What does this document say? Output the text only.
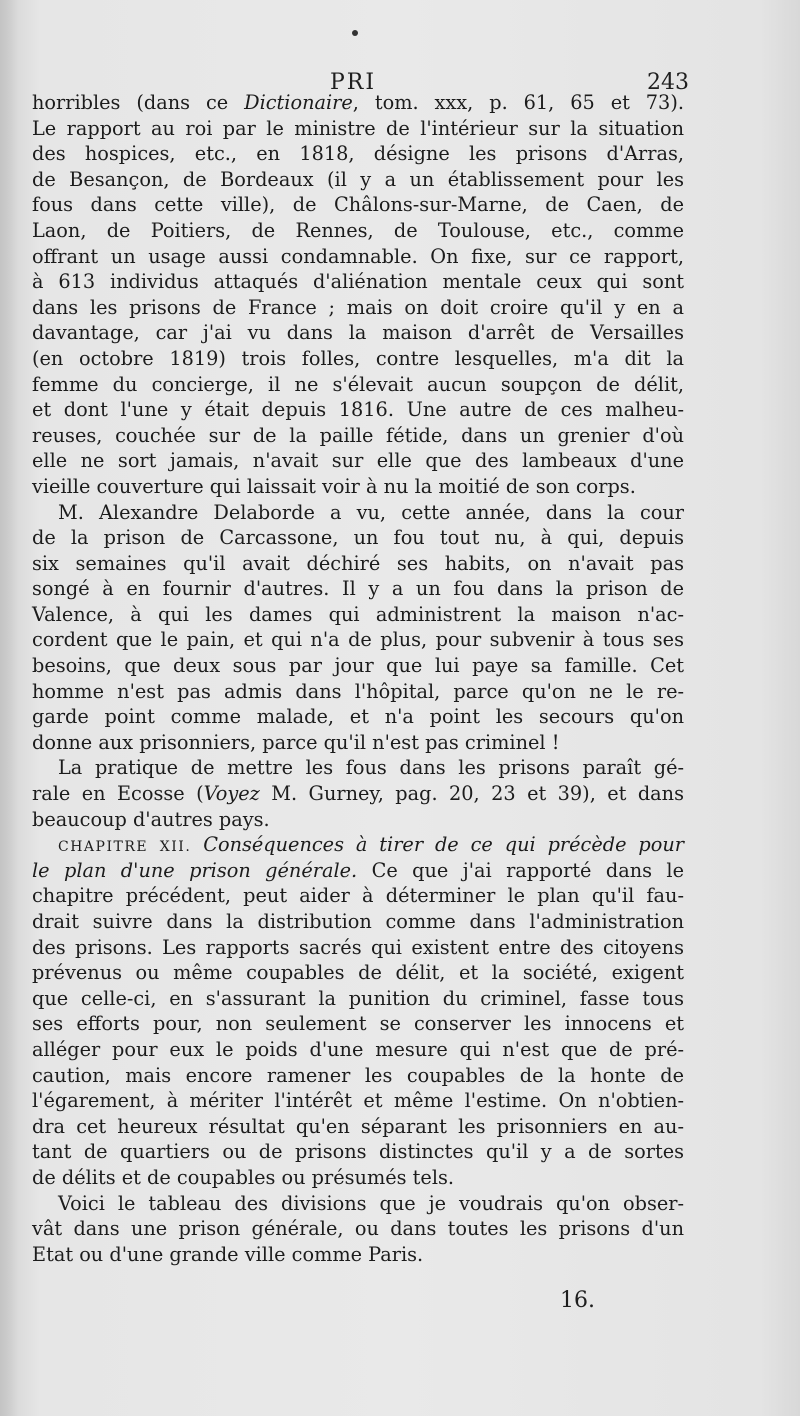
PRI	243
horribles (dans ce Dictionaire, tom. xxx, p. 61, 65 et 73).
Le rapport au roi par le ministre de l'intérieur sur la situation
des hospices, etc., en 1818, désigne les prisons d'Arras,
de Besançon, de Bordeaux (il y a un établissement pour les
fous dans cette ville), de Châlons-sur-Marne, de Caen, de
Laon, de Poitiers, de Rennes, de Toulouse, etc., comme
offrant un usage aussi condamnable. On fixe, sur ce rapport,
à 613 individus attaqués d'aliénation mentale ceux qui sont
dans les prisons de France ; mais on doit croire qu'il y en a
davantage, car j'ai vu dans la maison d'arrêt de Versailles
(en octobre 1819) trois folles, contre lesquelles, m'a dit la
femme du concierge, il ne s'élevait aucun soupçon de délit,
et dont l'une y était depuis 1816. Une autre de ces malheu-
reuses, couchée sur de la paille fétide, dans un grenier d'où
elle ne sort jamais, n'avait sur elle que des lambeaux d'une
vieille couverture qui laissait voir à nu la moitié de son corps.
M. Alexandre Delaborde a vu, cette année, dans la cour
de la prison de Carcassone, un fou tout nu, à qui, depuis
six semaines qu'il avait déchiré ses habits, on n'avait pas
songé à en fournir d'autres. Il y a un fou dans la prison de
Valence, à qui les dames qui administrent la maison n'ac-
cordent que le pain, et qui n'a de plus, pour subvenir à tous ses
besoins, que deux sous par jour que lui paye sa famille. Cet
homme n'est pas admis dans l'hôpital, parce qu'on ne le re-
garde point comme malade, et n'a point les secours qu'on
donne aux prisonniers, parce qu'il n'est pas criminel !
La pratique de mettre les fous dans les prisons paraît gé-
rale en Ecosse (Voyez M. Gurney, pag. 20, 23 et 39), et dans
beaucoup d'autres pays.
CHAPITRE XII. Conséquences à tirer de ce qui précède pour
le plan d'une prison générale. Ce que j'ai rapporté dans le
chapitre précédent, peut aider à déterminer le plan qu'il fau-
drait suivre dans la distribution comme dans l'administration
des prisons. Les rapports sacrés qui existent entre des citoyens
prévenus ou même coupables de délit, et la société, exigent
que celle-ci, en s'assurant la punition du criminel, fasse tous
ses efforts pour, non seulement se conserver les innocens et
alléger pour eux le poids d'une mesure qui n'est que de pré-
caution, mais encore ramener les coupables de la honte de
l'égarement, à mériter l'intérêt et même l'estime. On n'obtien-
dra cet heureux résultat qu'en séparant les prisonniers en au-
tant de quartiers ou de prisons distinctes qu'il y a de sortes
de délits et de coupables ou présumés tels.
Voici le tableau des divisions que je voudrais qu'on obser-
vât dans une prison générale, ou dans toutes les prisons d'un
Etat ou d'une grande ville comme Paris.
16.
